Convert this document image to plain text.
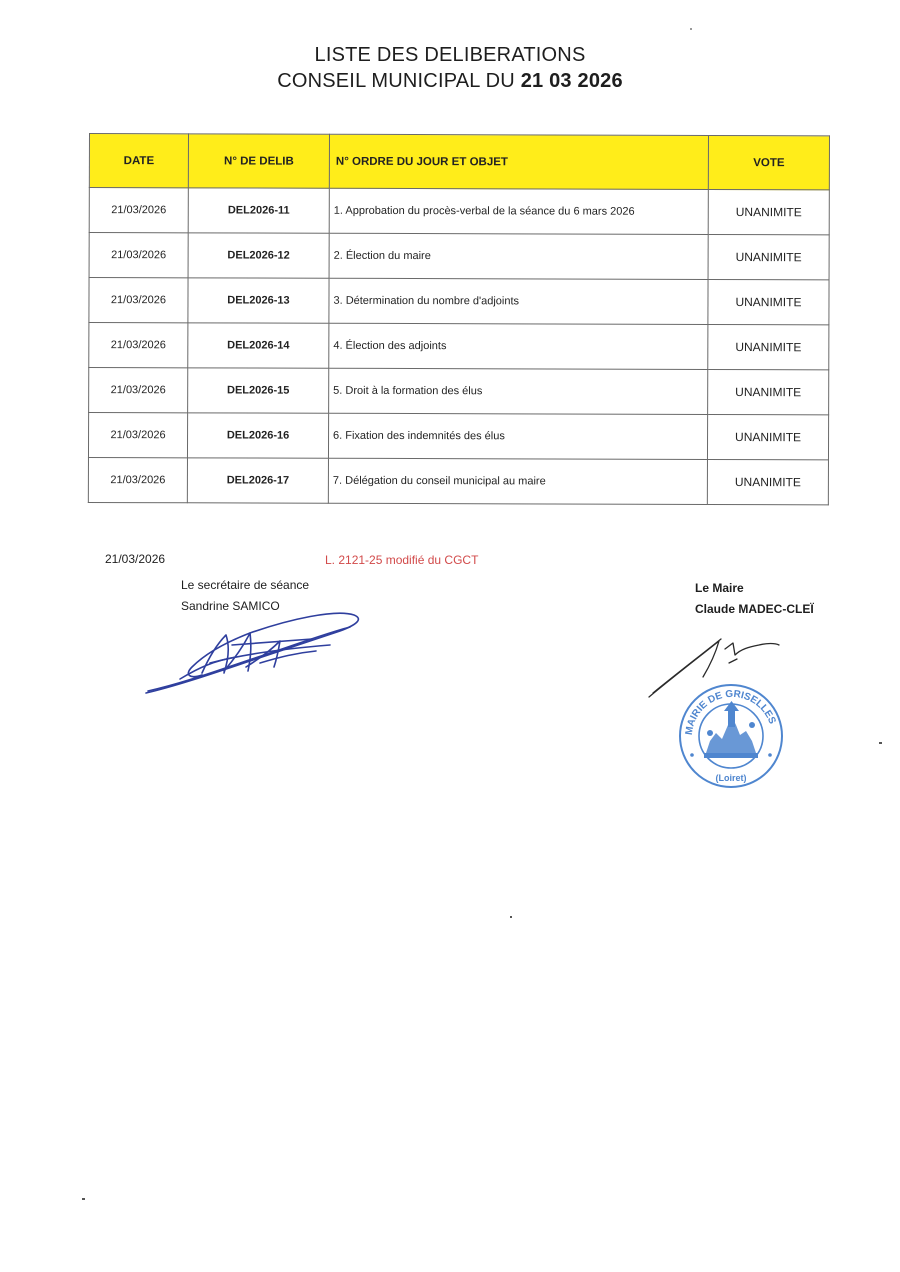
LISTE DES DELIBERATIONS
CONSEIL MUNICIPAL DU 21 03 2026
DATE	N° DE DELIB	N° ORDRE DU JOUR ET OBJET	VOTE
21/03/2026	DEL2026-11	1. Approbation du procès-verbal de la séance du 6 mars 2026	UNANIMITE
21/03/2026	DEL2026-12	2. Élection du maire	UNANIMITE
21/03/2026	DEL2026-13	3. Détermination du nombre d'adjoints	UNANIMITE
21/03/2026	DEL2026-14	4. Élection des adjoints	UNANIMITE
21/03/2026	DEL2026-15	5. Droit à la formation des élus	UNANIMITE
21/03/2026	DEL2026-16	6. Fixation des indemnités des élus	UNANIMITE
21/03/2026	DEL2026-17	7. Délégation du conseil municipal au maire	UNANIMITE
21/03/2026	L. 2121-25 modifié du CGCT
Le secrétaire de séance
Sandrine SAMICO
Le Maire
Claude MADEC-CLEÏ
MAIRIE DE GRISELLES
(Loiret)
